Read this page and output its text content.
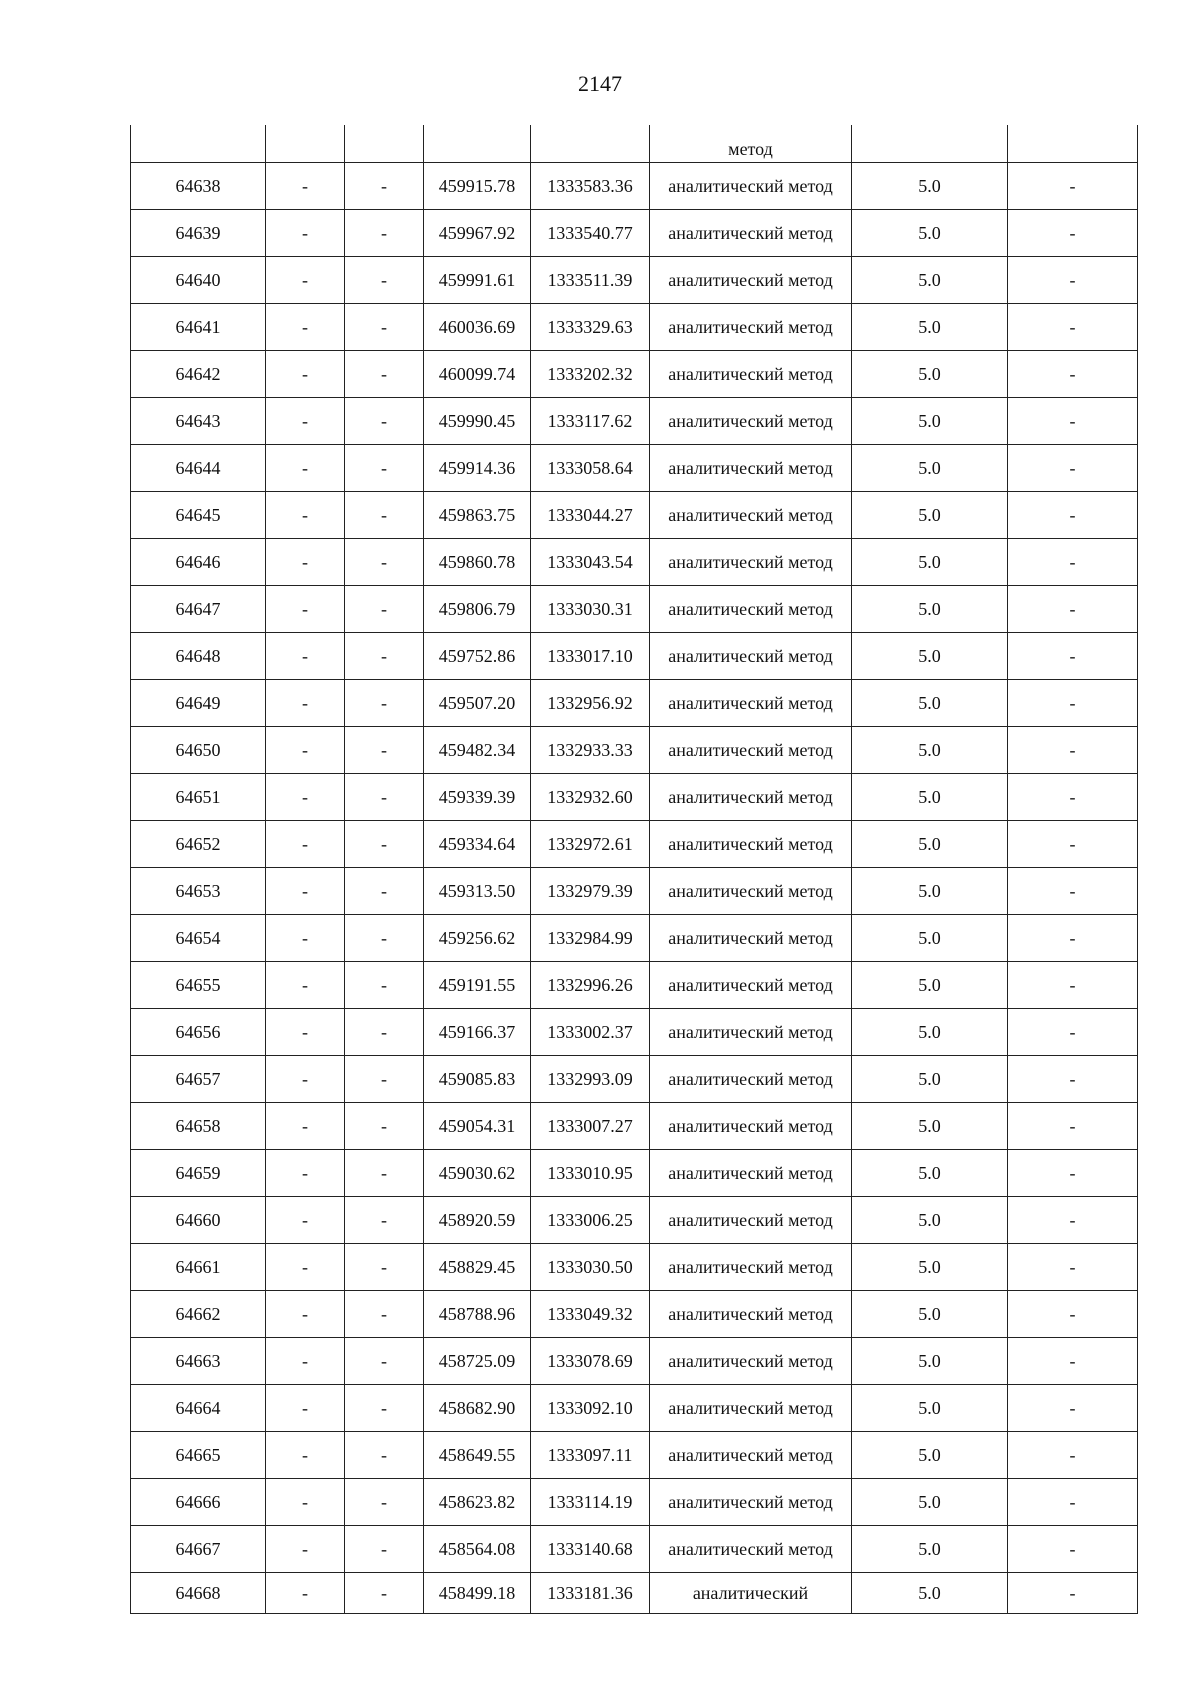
2147

					метод		

64638	-	-	459915.78	1333583.36	аналитический метод	5.0	-
64639	-	-	459967.92	1333540.77	аналитический метод	5.0	-
64640	-	-	459991.61	1333511.39	аналитический метод	5.0	-
64641	-	-	460036.69	1333329.63	аналитический метод	5.0	-
64642	-	-	460099.74	1333202.32	аналитический метод	5.0	-
64643	-	-	459990.45	1333117.62	аналитический метод	5.0	-
64644	-	-	459914.36	1333058.64	аналитический метод	5.0	-
64645	-	-	459863.75	1333044.27	аналитический метод	5.0	-
64646	-	-	459860.78	1333043.54	аналитический метод	5.0	-
64647	-	-	459806.79	1333030.31	аналитический метод	5.0	-
64648	-	-	459752.86	1333017.10	аналитический метод	5.0	-
64649	-	-	459507.20	1332956.92	аналитический метод	5.0	-
64650	-	-	459482.34	1332933.33	аналитический метод	5.0	-
64651	-	-	459339.39	1332932.60	аналитический метод	5.0	-
64652	-	-	459334.64	1332972.61	аналитический метод	5.0	-
64653	-	-	459313.50	1332979.39	аналитический метод	5.0	-
64654	-	-	459256.62	1332984.99	аналитический метод	5.0	-
64655	-	-	459191.55	1332996.26	аналитический метод	5.0	-
64656	-	-	459166.37	1333002.37	аналитический метод	5.0	-
64657	-	-	459085.83	1332993.09	аналитический метод	5.0	-
64658	-	-	459054.31	1333007.27	аналитический метод	5.0	-
64659	-	-	459030.62	1333010.95	аналитический метод	5.0	-
64660	-	-	458920.59	1333006.25	аналитический метод	5.0	-
64661	-	-	458829.45	1333030.50	аналитический метод	5.0	-
64662	-	-	458788.96	1333049.32	аналитический метод	5.0	-
64663	-	-	458725.09	1333078.69	аналитический метод	5.0	-
64664	-	-	458682.90	1333092.10	аналитический метод	5.0	-
64665	-	-	458649.55	1333097.11	аналитический метод	5.0	-
64666	-	-	458623.82	1333114.19	аналитический метод	5.0	-
64667	-	-	458564.08	1333140.68	аналитический метод	5.0	-
64668	-	-	458499.18	1333181.36	аналитический	5.0	-
